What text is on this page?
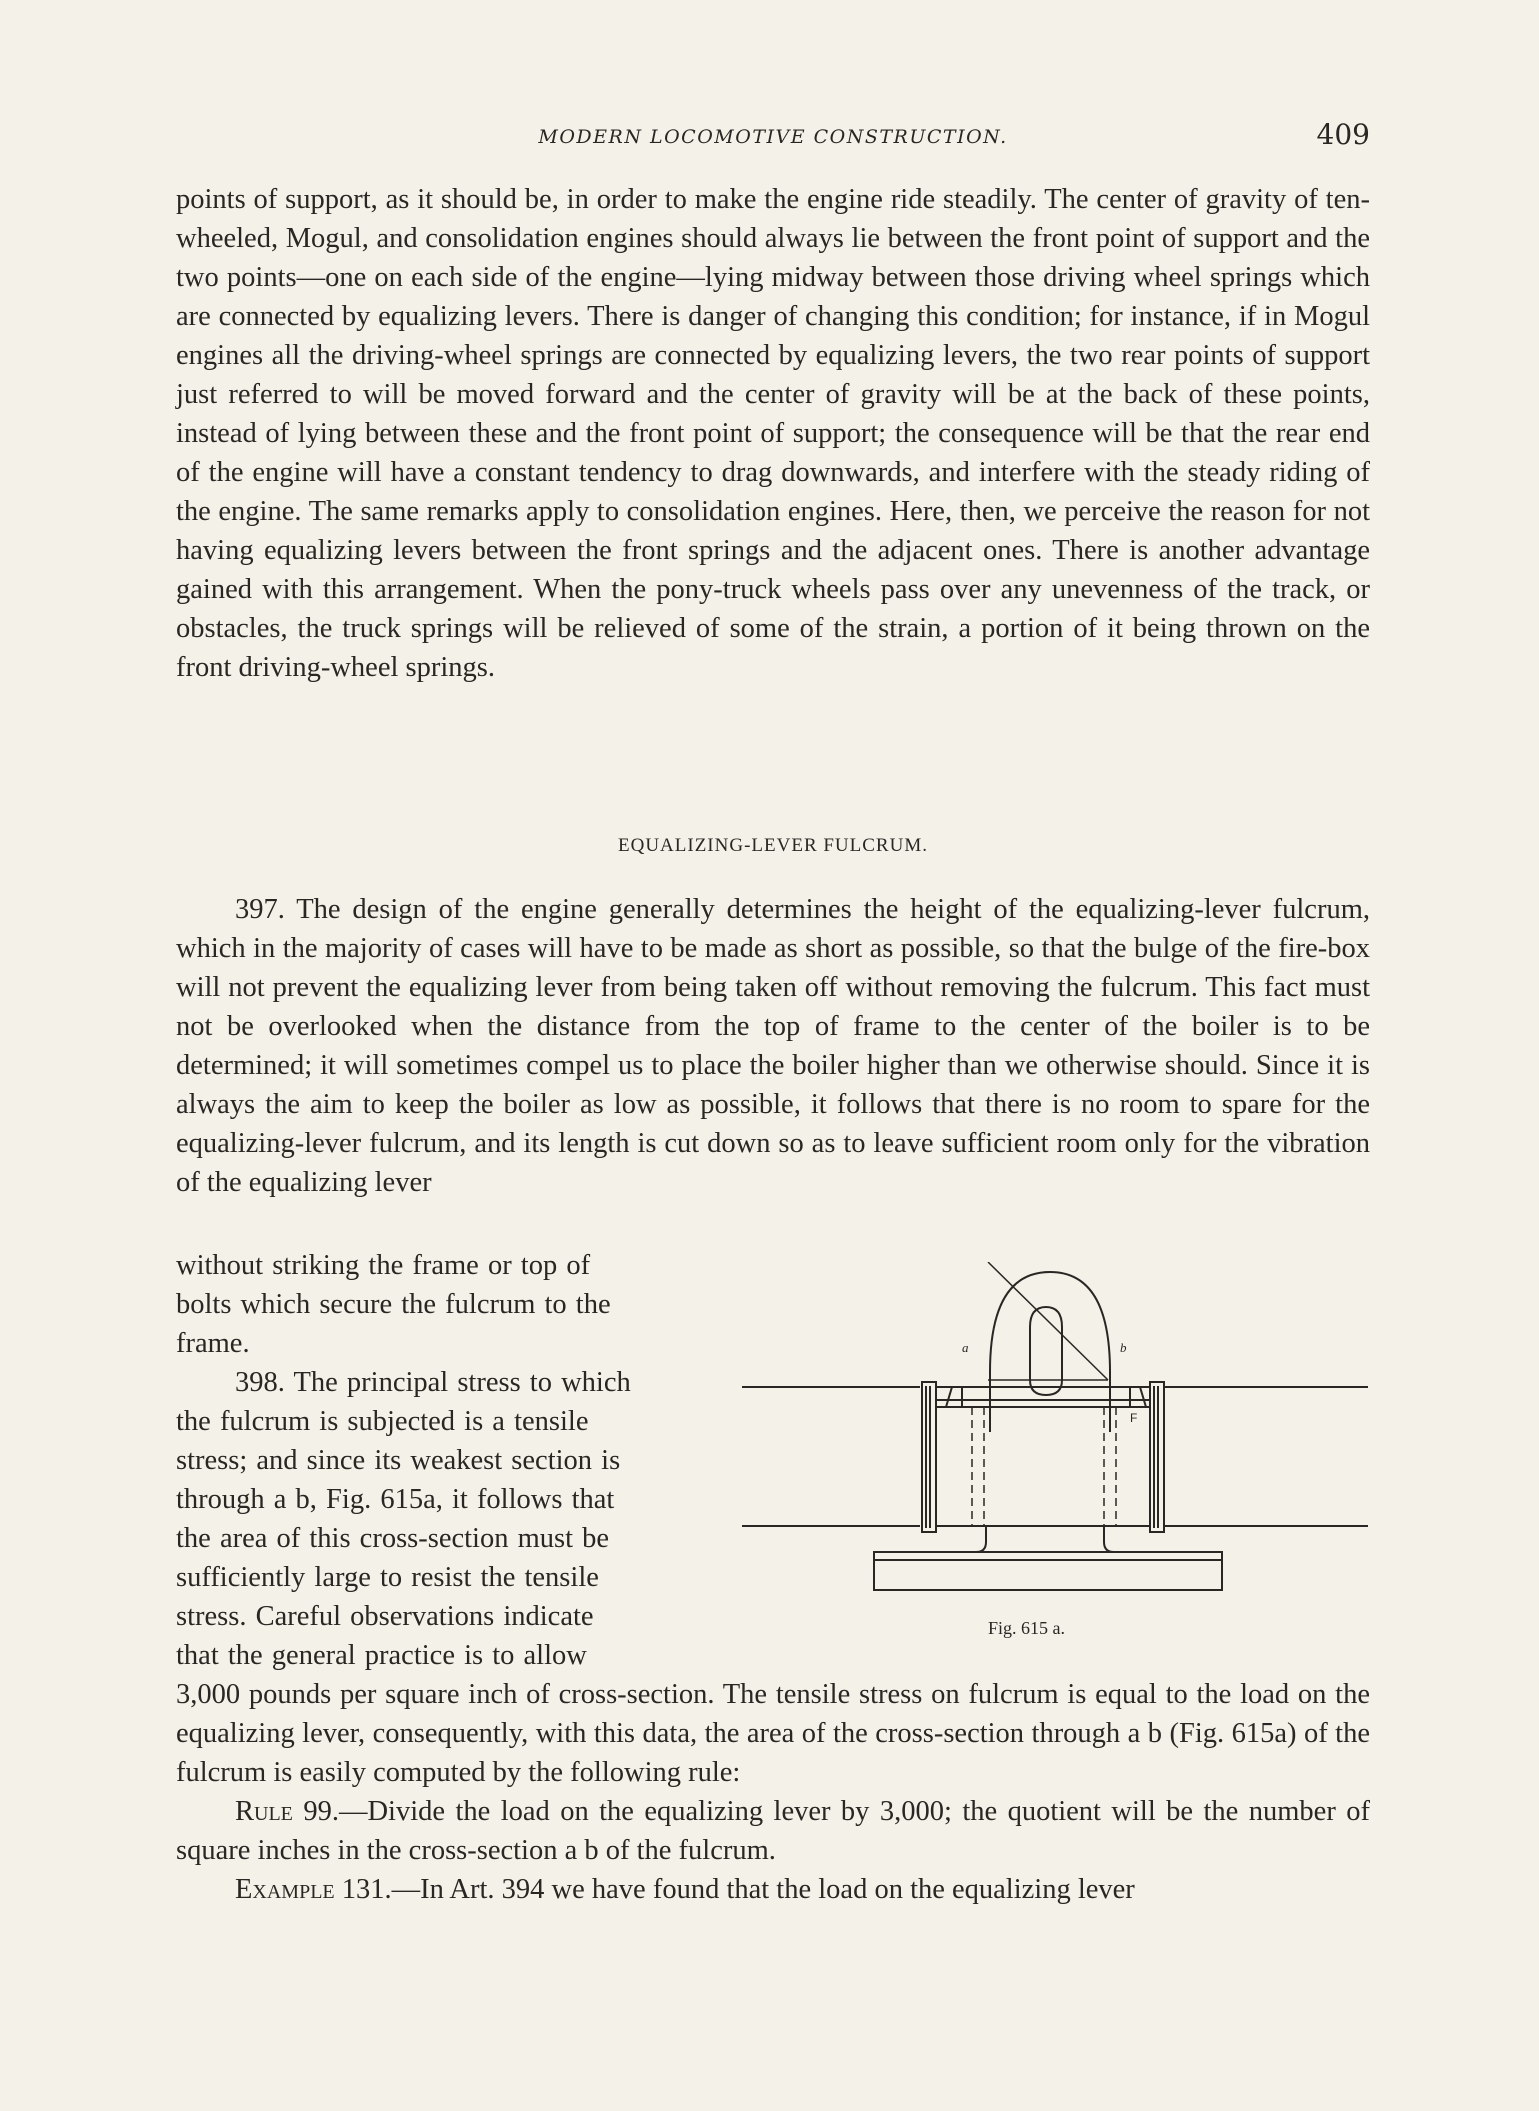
MODERN LOCOMOTIVE CONSTRUCTION.	409

points of support, as it should be, in order to make the engine ride steadily. The center of gravity of ten-wheeled, Mogul, and consolidation engines should always lie between the front point of support and the two points—one on each side of the engine—lying midway between those driving wheel springs which are connected by equalizing levers. There is danger of changing this condition; for instance, if in Mogul engines all the driving-wheel springs are connected by equalizing levers, the two rear points of support just referred to will be moved forward and the center of gravity will be at the back of these points, instead of lying between these and the front point of support; the consequence will be that the rear end of the engine will have a constant tendency to drag downwards, and interfere with the steady riding of the engine. The same remarks apply to consolidation engines. Here, then, we perceive the reason for not having equalizing levers between the front springs and the adjacent ones. There is another advantage gained with this arrangement. When the pony-truck wheels pass over any unevenness of the track, or obstacles, the truck springs will be relieved of some of the strain, a portion of it being thrown on the front driving-wheel springs.

EQUALIZING-LEVER FULCRUM.

397. The design of the engine generally determines the height of the equalizing-lever fulcrum, which in the majority of cases will have to be made as short as possible, so that the bulge of the fire-box will not prevent the equalizing lever from being taken off without removing the fulcrum. This fact must not be overlooked when the distance from the top of frame to the center of the boiler is to be determined; it will sometimes compel us to place the boiler higher than we otherwise should. Since it is always the aim to keep the boiler as low as possible, it follows that there is no room to spare for the equalizing-lever fulcrum, and its length is cut down so as to leave sufficient room only for the vibration of the equalizing lever

without striking the frame or top of
bolts which secure the fulcrum to the
frame.
398. The principal stress to which
the fulcrum is subjected is a tensile
stress; and since its weakest section is
through a b, Fig. 615a, it follows that
the area of this cross-section must be
sufficiently large to resist the tensile
stress. Careful observations indicate
that the general practice is to allow

3,000 pounds per square inch of cross-section. The tensile stress on fulcrum is equal to the load on the equalizing lever, consequently, with this data, the area of the cross-section through a b (Fig. 615a) of the fulcrum is easily computed by the following rule:

Rule 99.—Divide the load on the equalizing lever by 3,000; the quotient will be the number of square inches in the cross-section a b of the fulcrum.

Example 131.—In Art. 394 we have found that the load on the equalizing lever

a	b
F
Fig. 615 a.
